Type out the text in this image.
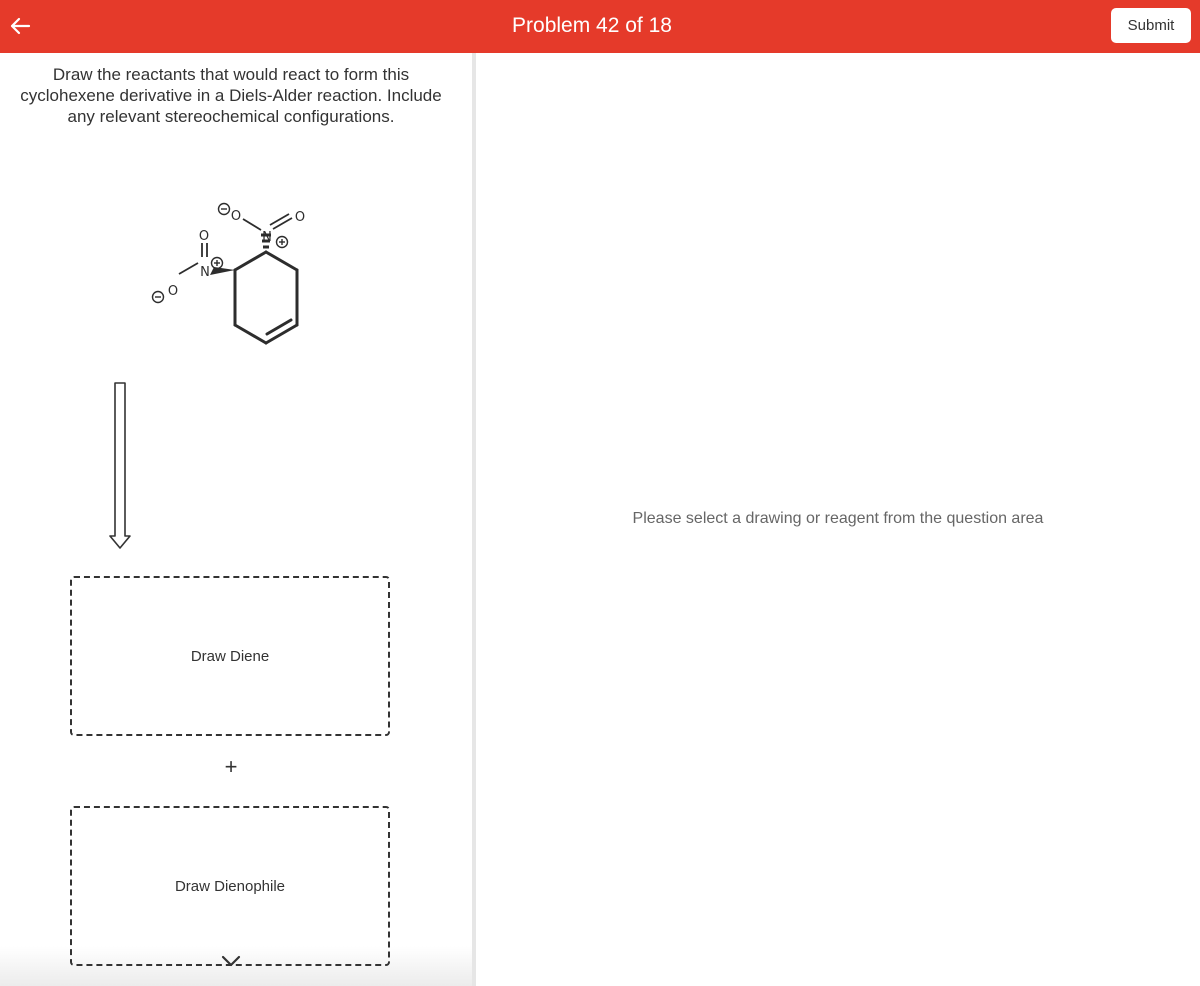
Problem 42 of 18	Submit
Draw the reactants that would react to form this cyclohexene derivative in a Diels-Alder reaction. Include any relevant stereochemical configurations.
N
N
O
O
O	O
Draw Diene
+
Draw Dienophile
Please select a drawing or reagent from the question area
